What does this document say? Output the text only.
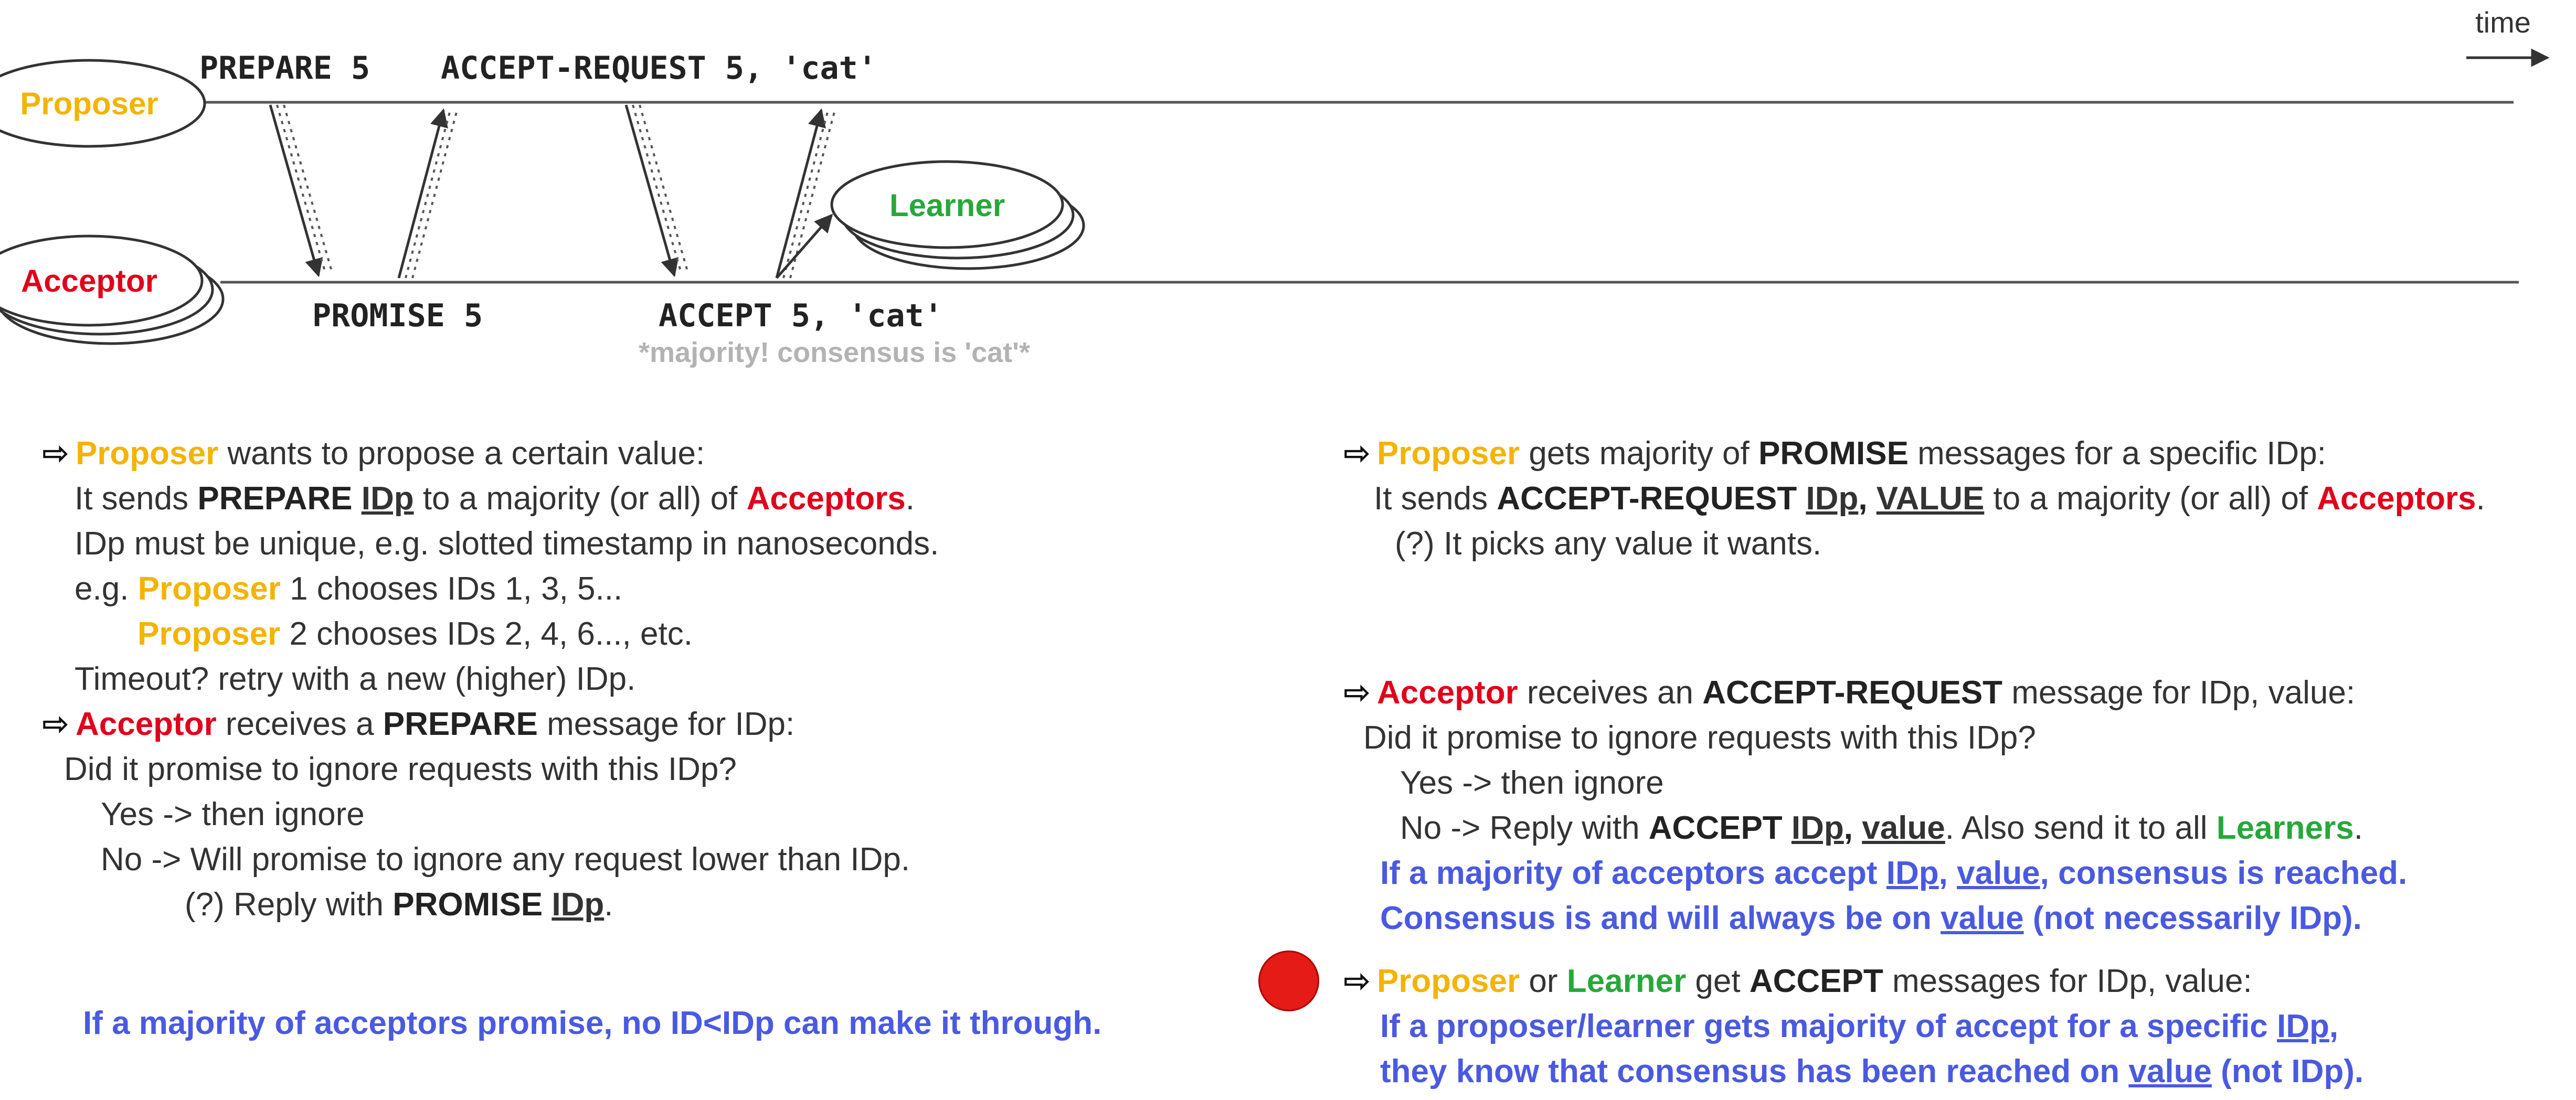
time
Proposer
Acceptor
Learner
PREPARE 5 ACCEPT-REQUEST 5, 'cat'
PROMISE 5	ACCEPT 5, 'cat'
*majority! consensus is 'cat'*
⇨ Proposer wants to propose a certain value:
It sends PREPARE IDp to a majority (or all) of Acceptors.
IDp must be unique, e.g. slotted timestamp in nanoseconds.
e.g. Proposer 1 chooses IDs 1, 3, 5...
Proposer 2 chooses IDs 2, 4, 6..., etc.
Timeout? retry with a new (higher) IDp.
⇨ Acceptor receives a PREPARE message for IDp:
Did it promise to ignore requests with this IDp?
Yes -> then ignore
No -> Will promise to ignore any request lower than IDp.
(?) Reply with PROMISE IDp.
If a majority of acceptors promise, no ID<IDp can make it through.
⇨ Proposer gets majority of PROMISE messages for a specific IDp:
It sends ACCEPT-REQUEST IDp, VALUE to a majority (or all) of Acceptors.
(?) It picks any value it wants.
⇨ Acceptor receives an ACCEPT-REQUEST message for IDp, value:
Did it promise to ignore requests with this IDp?
Yes -> then ignore
No -> Reply with ACCEPT IDp, value. Also send it to all Learners.
If a majority of acceptors accept IDp, value, consensus is reached.
Consensus is and will always be on value (not necessarily IDp).
⇨ Proposer or Learner get ACCEPT messages for IDp, value:
If a proposer/learner gets majority of accept for a specific IDp,
they know that consensus has been reached on value (not IDp).
